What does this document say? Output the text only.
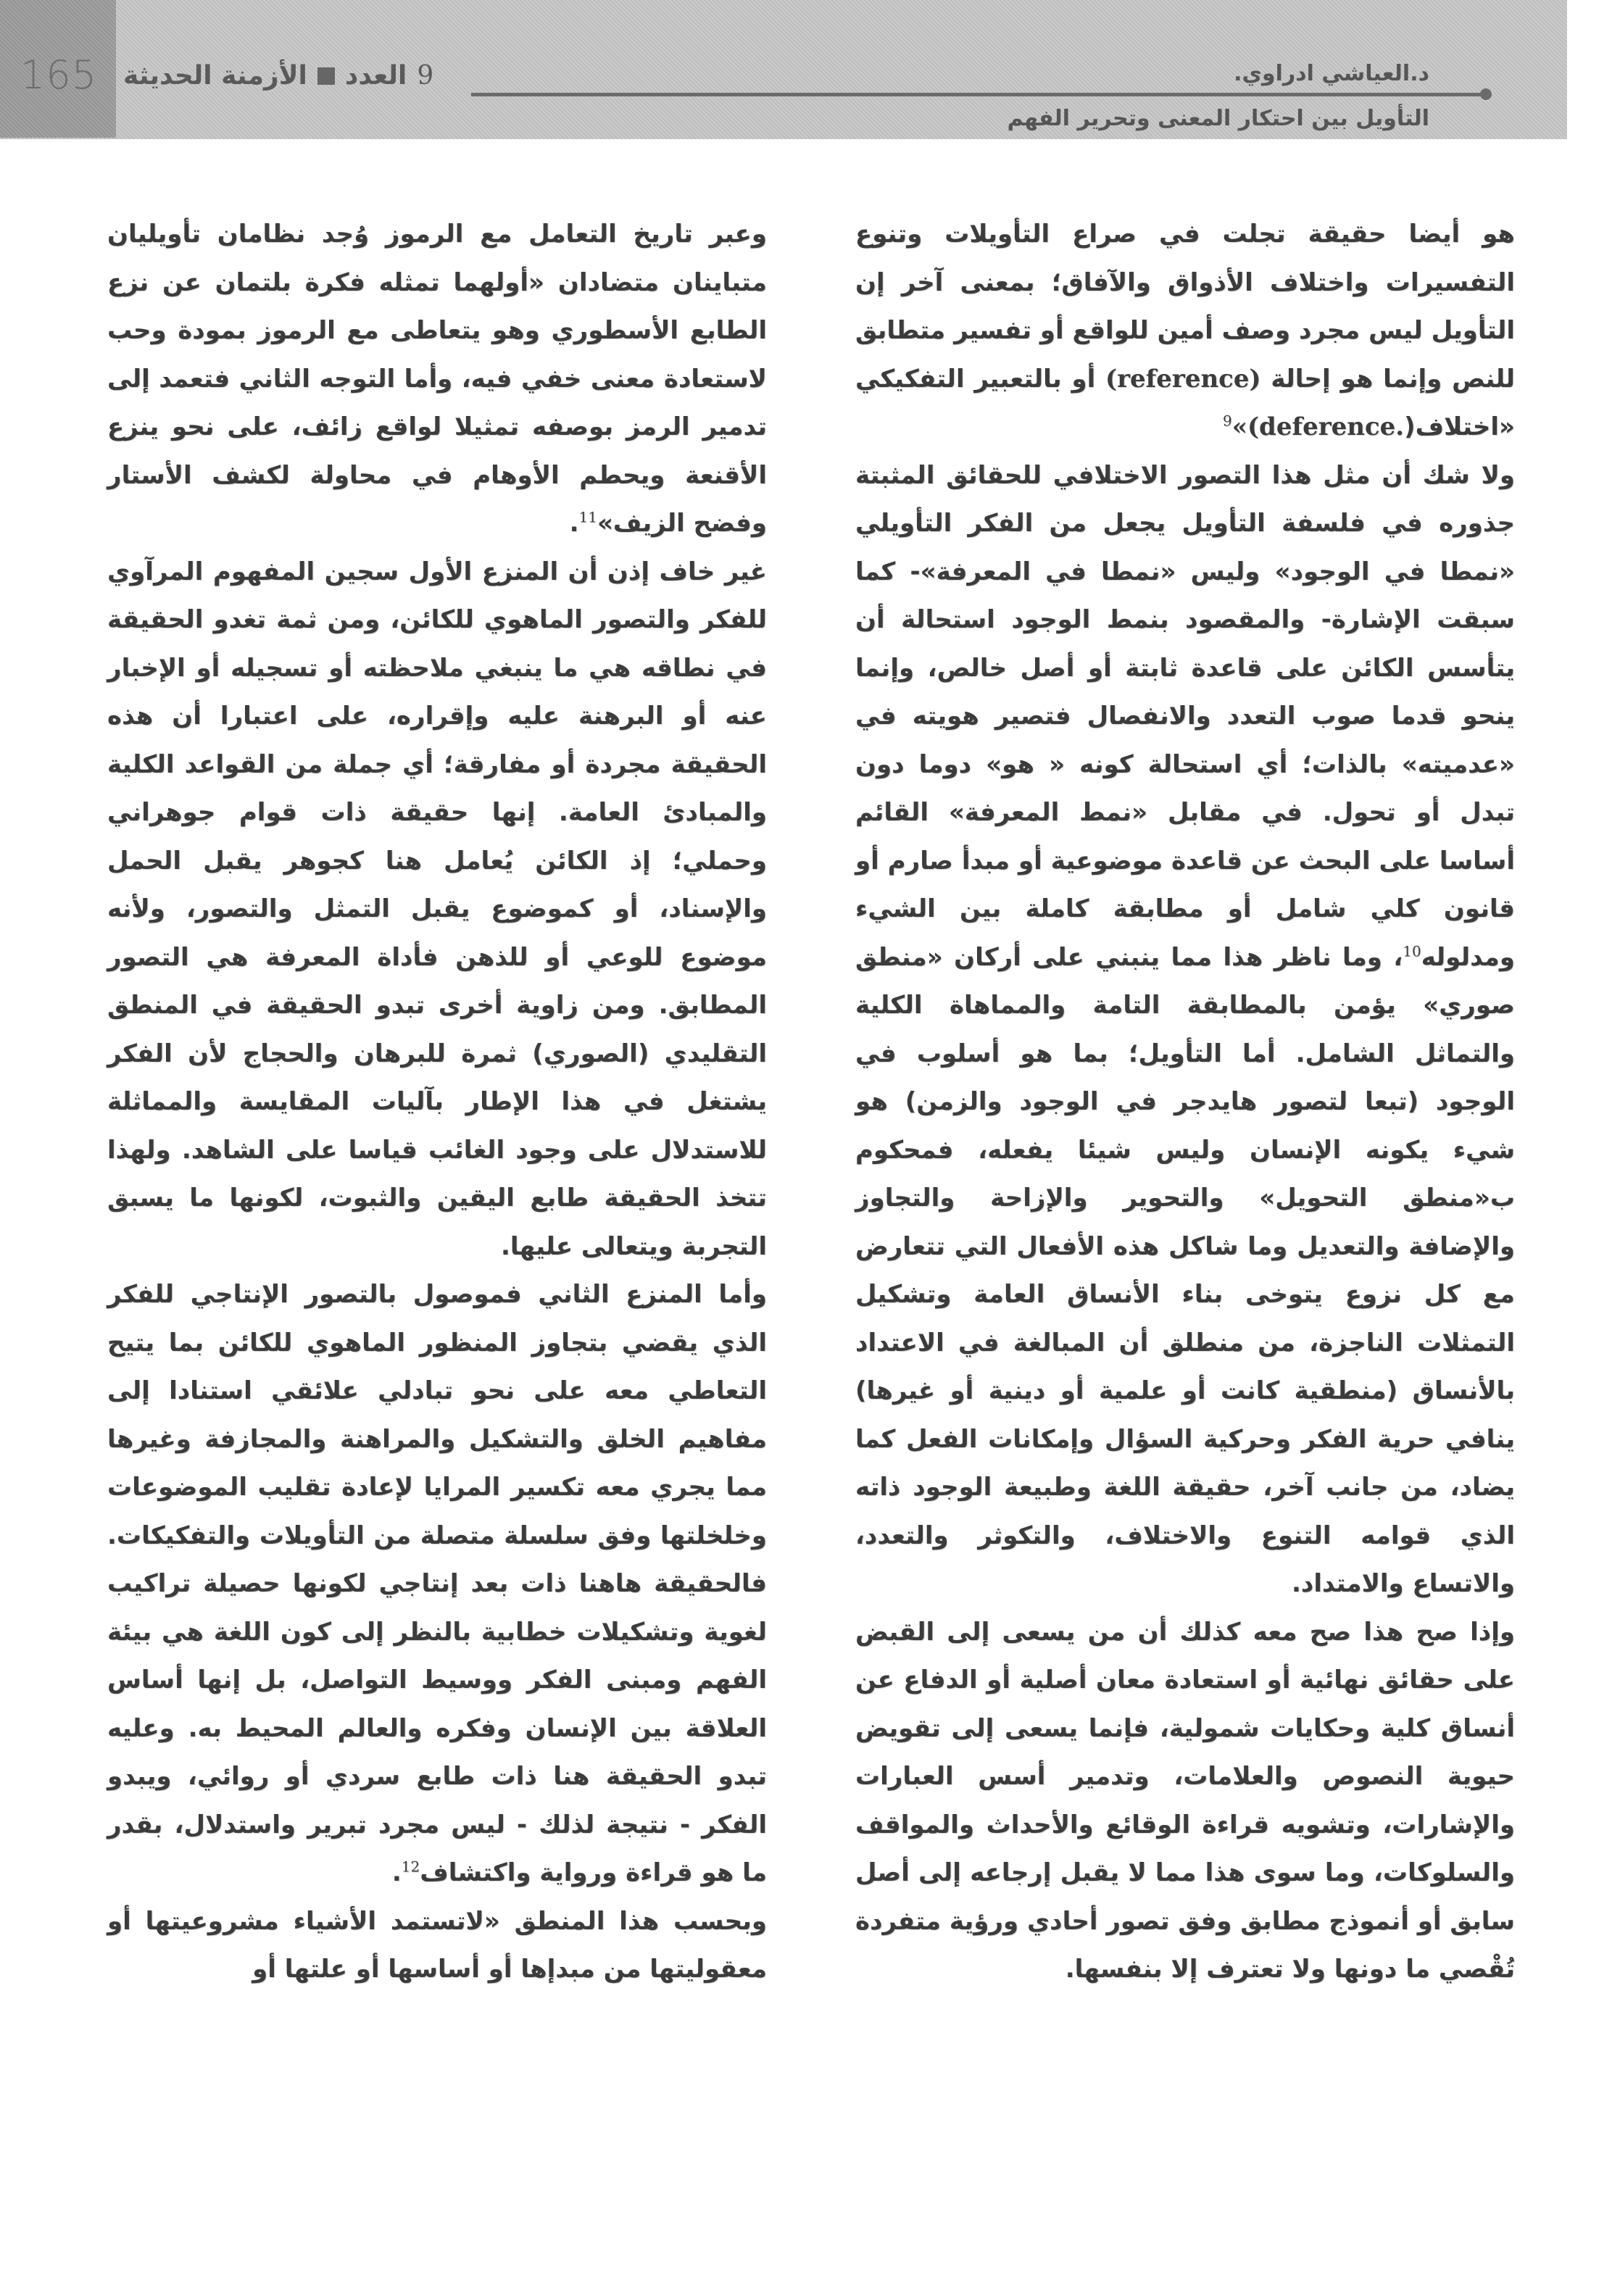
165 الأزمنة الحديثة العدد 9	د.العياشي ادراوي.
التأويل بين احتكار المعنى وتحرير الفهم

هو أيضا حقيقة تجلت في صراع التأويلات وتنوع التفسيرات واختلاف الأذواق والآفاق؛ بمعنى آخر إن التأويل ليس مجرد وصف أمين للواقع أو تفسير متطابق للنص وإنما هو إحالة (reference) أو بالتعبير التفكيكي «اختلاف($^9$«(deference.

ولا شك أن مثل هذا التصور الاختلافي للحقائق المثبتة جذوره في فلسفة التأويل يجعل من الفكر التأويلي «نمطا في الوجود» وليس «نمطا في المعرفة»- كما سبقت الإشارة- والمقصود بنمط الوجود استحالة أن يتأسس الكائن على قاعدة ثابتة أو أصل خالص، وإنما ينحو قدما صوب التعدد والانفصال فتصير هويته في «عدميته» بالذات؛ أي استحالة كونه « هو» دوما دون تبدل أو تحول. في مقابل «نمط المعرفة» القائم أساسا على البحث عن قاعدة موضوعية أو مبدأ صارم أو قانون كلي شامل أو مطابقة كاملة بين الشيء ومدلوله$^{10}$، وما ناظر هذا مما ينبني على أركان «منطق صوري» يؤمن بالمطابقة التامة والمماهاة الكلية والتماثل الشامل. أما التأويل؛ بما هو أسلوب في الوجود (تبعا لتصور هايدجر في الوجود والزمن) هو شيء يكونه الإنسان وليس شيئا يفعله، فمحكوم ب«منطق التحويل» والتحوير والإزاحة والتجاوز والإضافة والتعديل وما شاكل هذه الأفعال التي تتعارض مع كل نزوع يتوخى بناء الأنساق العامة وتشكيل التمثلات الناجزة، من منطلق أن المبالغة في الاعتداد بالأنساق (منطقية كانت أو علمية أو دينية أو غيرها) ينافي حرية الفكر وحركية السؤال وإمكانات الفعل كما يضاد، من جانب آخر، حقيقة اللغة وطبيعة الوجود ذاته الذي قوامه التنوع والاختلاف، والتكوثر والتعدد، والاتساع والامتداد.

وإذا صح هذا صح معه كذلك أن من يسعى إلى القبض على حقائق نهائية أو استعادة معان أصلية أو الدفاع عن أنساق كلية وحكايات شمولية، فإنما يسعى إلى تقويض حيوية النصوص والعلامات، وتدمير أسس العبارات والإشارات، وتشويه قراءة الوقائع والأحداث والمواقف والسلوكات، وما سوى هذا مما لا يقبل إرجاعه إلى أصل سابق أو أنموذج مطابق وفق تصور أحادي ورؤية متفردة تُقْصي ما دونها ولا تعترف إلا بنفسها.

وعبر تاريخ التعامل مع الرموز وُجد نظامان تأويليان متباينان متضادان «أولهما تمثله فكرة بلتمان عن نزع الطابع الأسطوري وهو يتعاطى مع الرموز بمودة وحب لاستعادة معنى خفي فيه، وأما التوجه الثاني فتعمد إلى تدمير الرمز بوصفه تمثيلا لواقع زائف، على نحو ينزع الأقنعة ويحطم الأوهام في محاولة لكشف الأستار وفضح الزيف»$^{11}$.

غير خاف إذن أن المنزع الأول سجين المفهوم المرآوي للفكر والتصور الماهوي للكائن، ومن ثمة تغدو الحقيقة في نطاقه هي ما ينبغي ملاحظته أو تسجيله أو الإخبار عنه أو البرهنة عليه وإقراره، على اعتبارا أن هذه الحقيقة مجردة أو مفارقة؛ أي جملة من القواعد الكلية والمبادئ العامة. إنها حقيقة ذات قوام جوهراني وحملي؛ إذ الكائن يُعامل هنا كجوهر يقبل الحمل والإسناد، أو كموضوع يقبل التمثل والتصور، ولأنه موضوع للوعي أو للذهن فأداة المعرفة هي التصور المطابق. ومن زاوية أخرى تبدو الحقيقة في المنطق التقليدي (الصوري) ثمرة للبرهان والحجاج لأن الفكر يشتغل في هذا الإطار بآليات المقايسة والمماثلة للاستدلال على وجود الغائب قياسا على الشاهد. ولهذا تتخذ الحقيقة طابع اليقين والثبوت، لكونها ما يسبق التجربة ويتعالى عليها.

وأما المنزع الثاني فموصول بالتصور الإنتاجي للفكر الذي يقضي بتجاوز المنظور الماهوي للكائن بما يتيح التعاطي معه على نحو تبادلي علائقي استنادا إلى مفاهيم الخلق والتشكيل والمراهنة والمجازفة وغيرها مما يجري معه تكسير المرايا لإعادة تقليب الموضوعات وخلخلتها وفق سلسلة متصلة من التأويلات والتفكيكات. فالحقيقة هاهنا ذات بعد إنتاجي لكونها حصيلة تراكيب لغوية وتشكيلات خطابية بالنظر إلى كون اللغة هي بيئة الفهم ومبنى الفكر ووسيط التواصل، بل إنها أساس العلاقة بين الإنسان وفكره والعالم المحيط به. وعليه تبدو الحقيقة هنا ذات طابع سردي أو روائي، ويبدو الفكر - نتيجة لذلك - ليس مجرد تبرير واستدلال، بقدر ما هو قراءة ورواية واكتشاف$^{12}$.

وبحسب هذا المنطق «لاتستمد الأشياء مشروعيتها أو معقوليتها من مبدإها أو أساسها أو علتها أو
